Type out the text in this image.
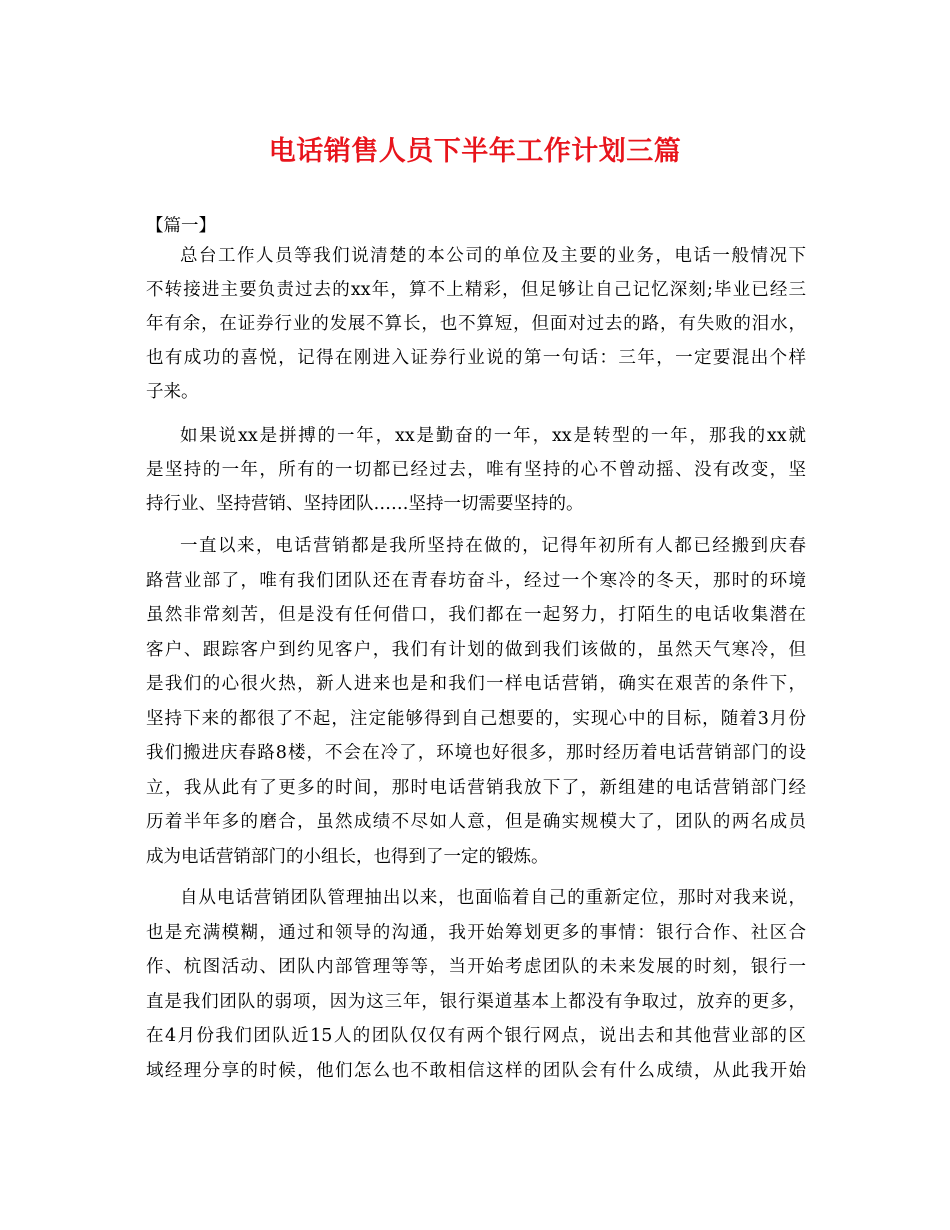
电话销售人员下半年工作计划三篇
【篇一】
总台工作人员等我们说清楚的本公司的单位及主要的业务，电话一般情况下
不转接进主要负责过去的xx年，算不上精彩，但足够让自己记忆深刻;毕业已经三
年有余，在证券行业的发展不算长，也不算短，但面对过去的路，有失败的泪水，
也有成功的喜悦，记得在刚进入证券行业说的第一句话：三年，一定要混出个样
子来。
如果说xx是拼搏的一年，xx是勤奋的一年，xx是转型的一年，那我的xx就
是坚持的一年，所有的一切都已经过去，唯有坚持的心不曾动摇、没有改变，坚
持行业、坚持营销、坚持团队……坚持一切需要坚持的。
一直以来，电话营销都是我所坚持在做的，记得年初所有人都已经搬到庆春
路营业部了，唯有我们团队还在青春坊奋斗，经过一个寒冷的冬天，那时的环境
虽然非常刻苦，但是没有任何借口，我们都在一起努力，打陌生的电话收集潜在
客户、跟踪客户到约见客户，我们有计划的做到我们该做的，虽然天气寒冷，但
是我们的心很火热，新人进来也是和我们一样电话营销，确实在艰苦的条件下，
坚持下来的都很了不起，注定能够得到自己想要的，实现心中的目标，随着3月份
我们搬进庆春路8楼，不会在冷了，环境也好很多，那时经历着电话营销部门的设
立，我从此有了更多的时间，那时电话营销我放下了，新组建的电话营销部门经
历着半年多的磨合，虽然成绩不尽如人意，但是确实规模大了，团队的两名成员
成为电话营销部门的小组长，也得到了一定的锻炼。
自从电话营销团队管理抽出以来，也面临着自己的重新定位，那时对我来说，
也是充满模糊，通过和领导的沟通，我开始筹划更多的事情：银行合作、社区合
作、杭图活动、团队内部管理等等，当开始考虑团队的未来发展的时刻，银行一
直是我们团队的弱项，因为这三年，银行渠道基本上都没有争取过，放弃的更多，
在4月份我们团队近15人的团队仅仅有两个银行网点，说出去和其他营业部的区
域经理分享的时候，他们怎么也不敢相信这样的团队会有什么成绩，从此我开始
